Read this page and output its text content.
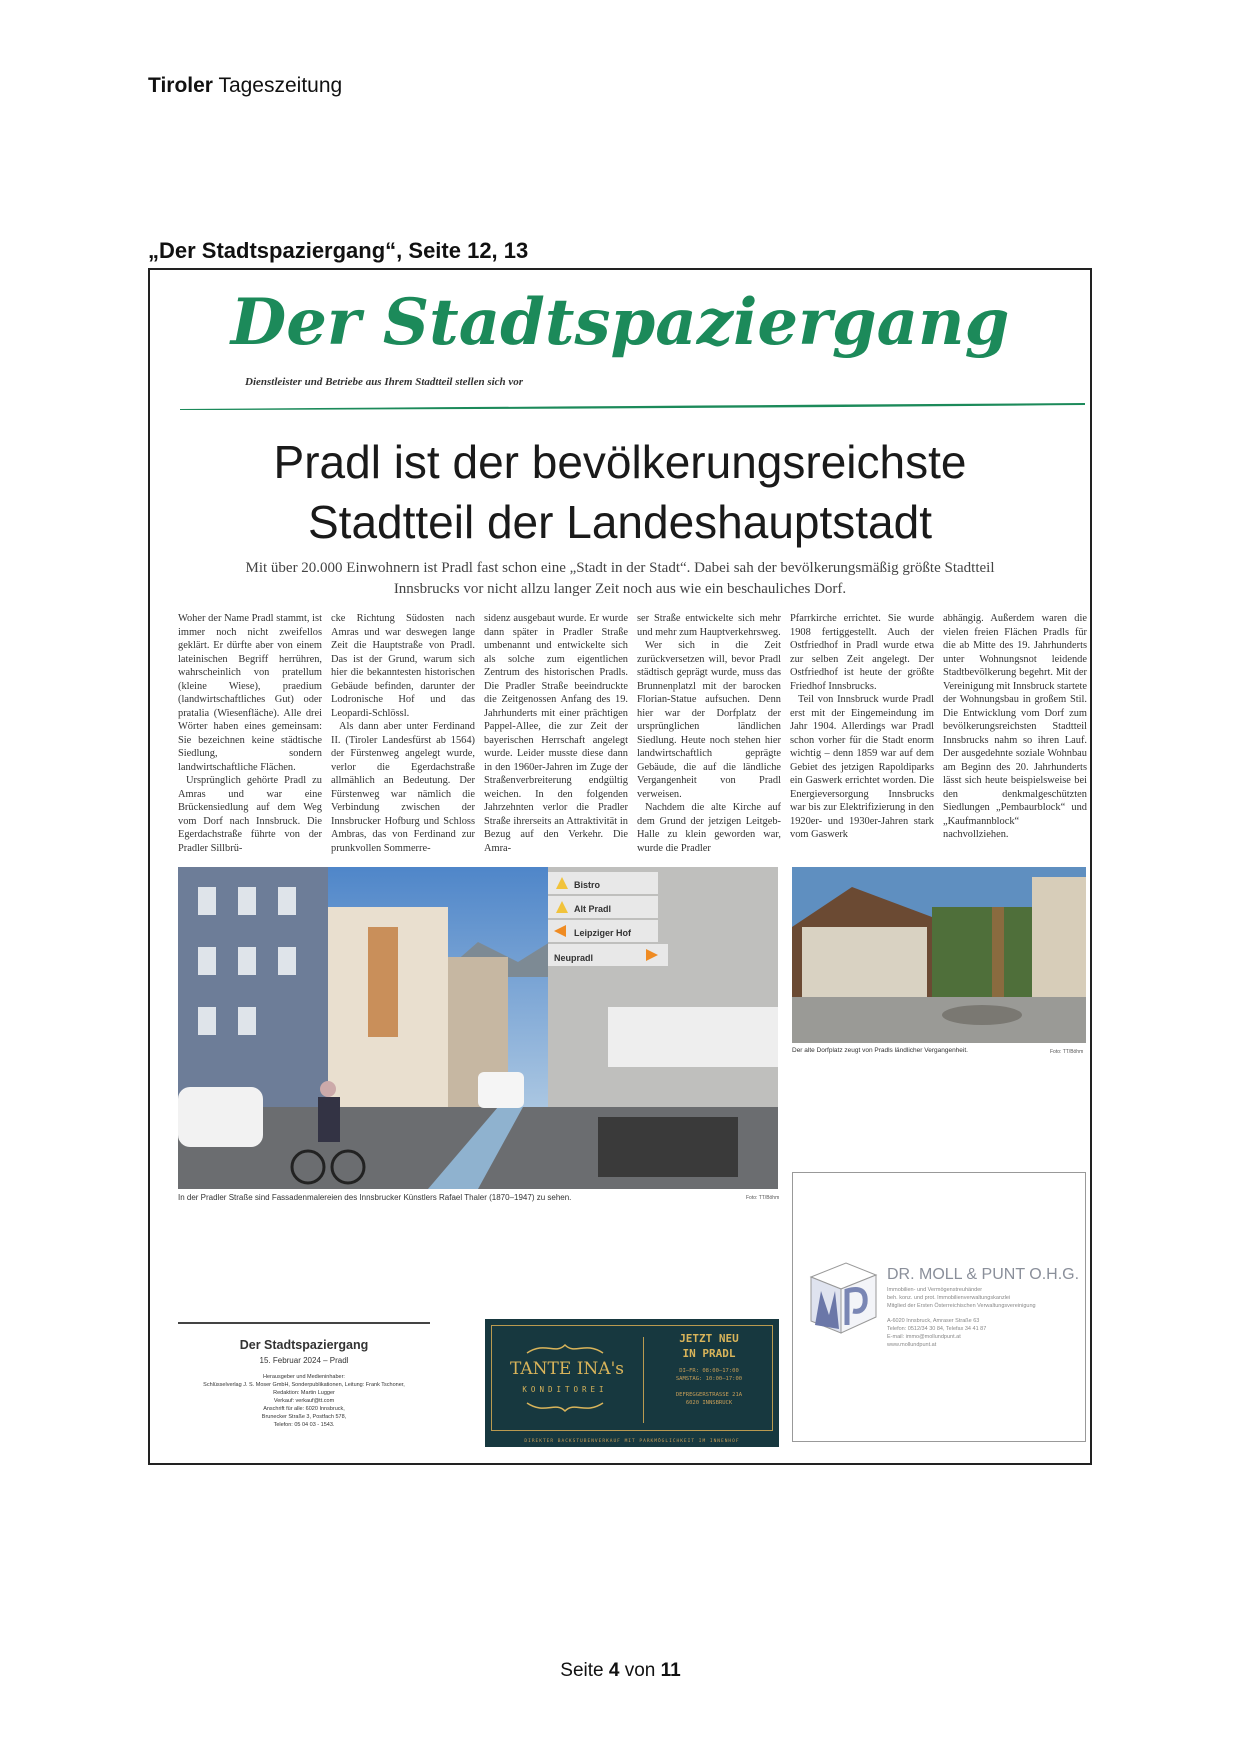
Tiroler Tageszeitung
„Der Stadtspaziergang“, Seite 12, 13
Der Stadtspaziergang
Dienstleister und Betriebe aus Ihrem Stadtteil stellen sich vor
Pradl ist der bevölkerungsreichste
Stadtteil der Landeshauptstadt
Mit über 20.000 Einwohnern ist Pradl fast schon eine „Stadt in der Stadt“. Dabei sah der bevölkerungsmäßig größte Stadtteil Innsbrucks vor nicht allzu langer Zeit noch aus wie ein beschauliches Dorf.

Woher der Name Pradl stammt, ist immer noch nicht zweifellos geklärt. Er dürfte aber von einem lateinischen Begriff herrühren, wahrscheinlich von pratellum (kleine Wiese), praedium (landwirtschaftliches Gut) oder pratalia (Wiesenfläche). Alle drei Wörter haben eines gemeinsam: Sie bezeichnen keine städtische Siedlung, sondern landwirtschaftliche Flächen.

Ursprünglich gehörte Pradl zu Amras und war eine Brückensiedlung auf dem Weg vom Dorf nach Innsbruck. Die Egerdachstraße führte von der Pradler Sillbrü-

cke Richtung Südosten nach Amras und war deswegen lange Zeit die Hauptstraße von Pradl. Das ist der Grund, warum sich hier die bekanntesten historischen Gebäude befinden, darunter der Lodronische Hof und das Leopardi-Schlössl.

Als dann aber unter Ferdinand II. (Tiroler Landesfürst ab 1564) der Fürstenweg angelegt wurde, verlor die Egerdachstraße allmählich an Bedeutung. Der Fürstenweg war nämlich die Verbindung zwischen der Innsbrucker Hofburg und Schloss Ambras, das von Ferdinand zur prunkvollen Sommerre-

sidenz ausgebaut wurde. Er wurde dann später in Pradler Straße umbenannt und entwickelte sich als solche zum eigentlichen Zentrum des historischen Pradls. Die Pradler Straße beeindruckte die Zeitgenossen Anfang des 19. Jahrhunderts mit einer prächtigen Pappel-Allee, die zur Zeit der bayerischen Herrschaft angelegt wurde. Leider musste diese dann in den 1960er-Jahren im Zuge der Straßenverbreiterung endgültig weichen. In den folgenden Jahrzehnten verlor die Pradler Straße ihrerseits an Attraktivität in Bezug auf den Verkehr. Die Amra-

ser Straße entwickelte sich mehr und mehr zum Hauptverkehrsweg.

Wer sich in die Zeit zurückversetzen will, bevor Pradl städtisch geprägt wurde, muss das Brunnenplatzl mit der barocken Florian-Statue aufsuchen. Denn hier war der Dorfplatz der ursprünglichen ländlichen Siedlung. Heute noch stehen hier landwirtschaftlich geprägte Gebäude, die auf die ländliche Vergangenheit von Pradl verweisen.

Nachdem die alte Kirche auf dem Grund der jetzigen Leitgeb-Halle zu klein geworden war, wurde die Pradler

Pfarrkirche errichtet. Sie wurde 1908 fertiggestellt. Auch der Ostfriedhof in Pradl wurde etwa zur selben Zeit angelegt. Der Ostfriedhof ist heute der größte Friedhof Innsbrucks.

Teil von Innsbruck wurde Pradl erst mit der Eingemeindung im Jahr 1904. Allerdings war Pradl schon vorher für die Stadt enorm wichtig – denn 1859 war auf dem Gebiet des jetzigen Rapoldiparks ein Gaswerk errichtet worden. Die Energieversorgung Innsbrucks war bis zur Elektrifizierung in den 1920er- und 1930er-Jahren stark vom Gaswerk

abhängig. Außerdem waren die vielen freien Flächen Pradls für die ab Mitte des 19. Jahrhunderts unter Wohnungsnot leidende Stadtbevölkerung begehrt. Mit der Vereinigung mit Innsbruck startete der Wohnungsbau in großem Stil. Die Entwicklung vom Dorf zum bevölkerungsreichsten Stadtteil Innsbrucks nahm so ihren Lauf. Der ausgedehnte soziale Wohnbau am Beginn des 20. Jahrhunderts lässt sich heute beispielsweise bei den denkmalgeschützten Siedlungen „Pembaurblock“ und „Kaufmannblock“ nachvollziehen.

Bistro
Alt Pradl
Leipziger Hof
Neupradl
In der Pradler Straße sind Fassadenmalereien des Innsbrucker Künstlers Rafael Thaler (1870–1947) zu sehen.	Foto: TT/Böhm
Der alte Dorfplatz zeugt von Pradls ländlicher Vergangenheit.	Foto: TT/Böhm
Der Stadtspaziergang
15. Februar 2024 – Pradl
Herausgeber und Medieninhaber:
Schlüsselverlag J. S. Moser GmbH, Sonderpublikationen, Leitung: Frank Tschoner,
Redaktion: Martin Lugger
Verkauf: verkauf@tt.com
Anschrift für alle: 6020 Innsbruck,
Brunecker Straße 3, Postfach 578,
Telefon: 05 04 03 - 1543.
TANTE INA's
KONDITOREI
JETZT NEU
IN PRADL
DI–FR: 08:00–17:00
SAMSTAG: 10:00–17:00
DEFREGGERSTRASSE 21A
6020 INNSBRUCK
DIREKTER BACKSTUBENVERKAUF MIT PARKMÖGLICHKEIT IM INNENHOF
DR. MOLL & PUNT O.H.G.
Immobilien- und Vermögenstreuhänder
beh. konz. und prot. Immobilienverwaltungskanzlei
Mitglied der Ersten Österreichischen Verwaltungsvereinigung
A-6020 Innsbruck, Amraser Straße 63
Telefon: 0512/34 30 84, Telefax 34 41 87
E-mail: immo@mollundpunt.at
www.mollundpunt.at
Seite 4 von 11
